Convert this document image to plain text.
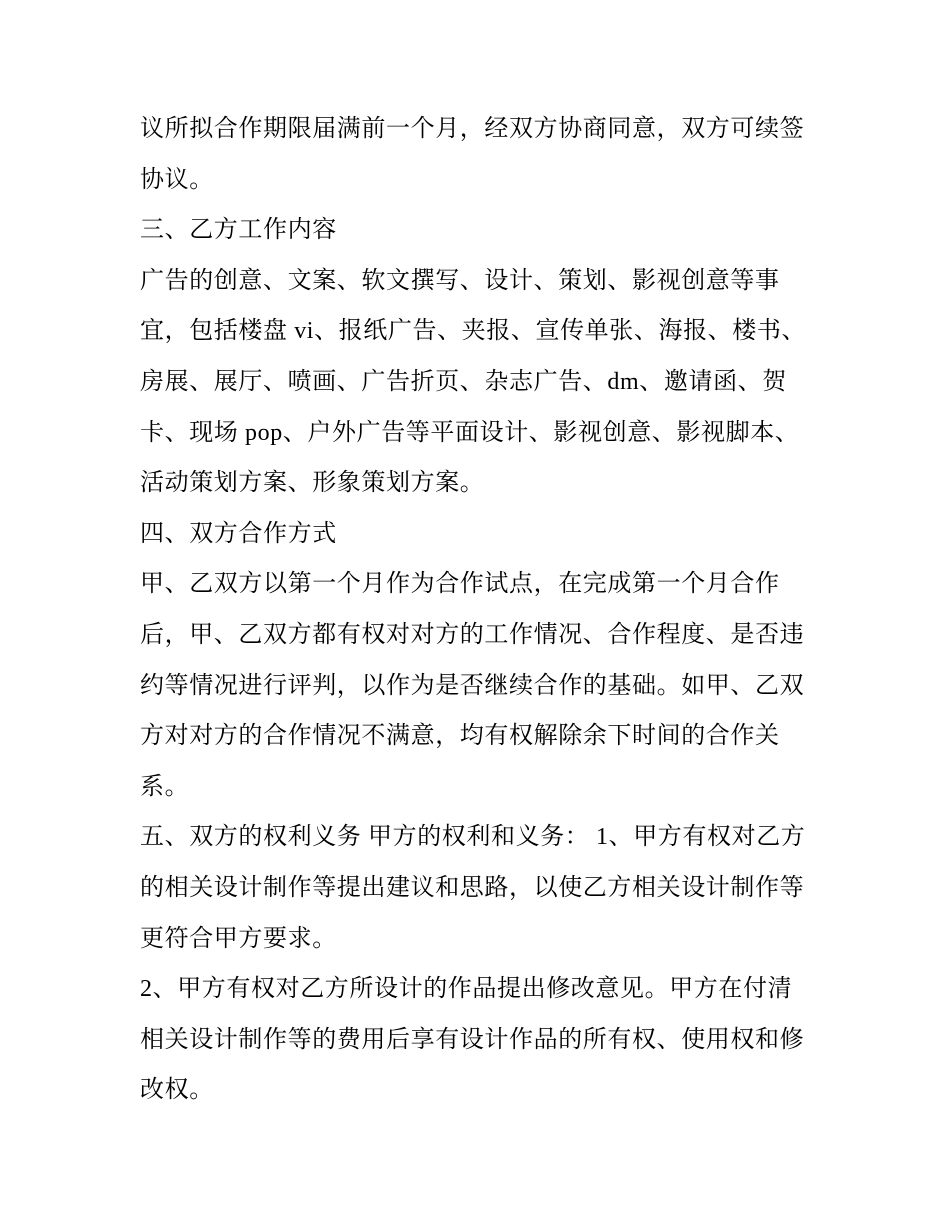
议所拟合作期限届满前一个月，经双方协商同意，双方可续签
协议。
三、乙方工作内容
广告的创意、文案、软文撰写、设计、策划、影视创意等事
宜，包括楼盘 vi、报纸广告、夹报、宣传单张、海报、楼书、
房展、展厅、喷画、广告折页、杂志广告、dm、邀请函、贺
卡、现场 pop、户外广告等平面设计、影视创意、影视脚本、
活动策划方案、形象策划方案。
四、双方合作方式
甲、乙双方以第一个月作为合作试点，在完成第一个月合作
后，甲、乙双方都有权对对方的工作情况、合作程度、是否违
约等情况进行评判，以作为是否继续合作的基础。如甲、乙双
方对对方的合作情况不满意，均有权解除余下时间的合作关
系。
五、双方的权利义务 甲方的权利和义务： 1、甲方有权对乙方
的相关设计制作等提出建议和思路，以使乙方相关设计制作等
更符合甲方要求。
2、甲方有权对乙方所设计的作品提出修改意见。甲方在付清
相关设计制作等的费用后享有设计作品的所有权、使用权和修
改权。
